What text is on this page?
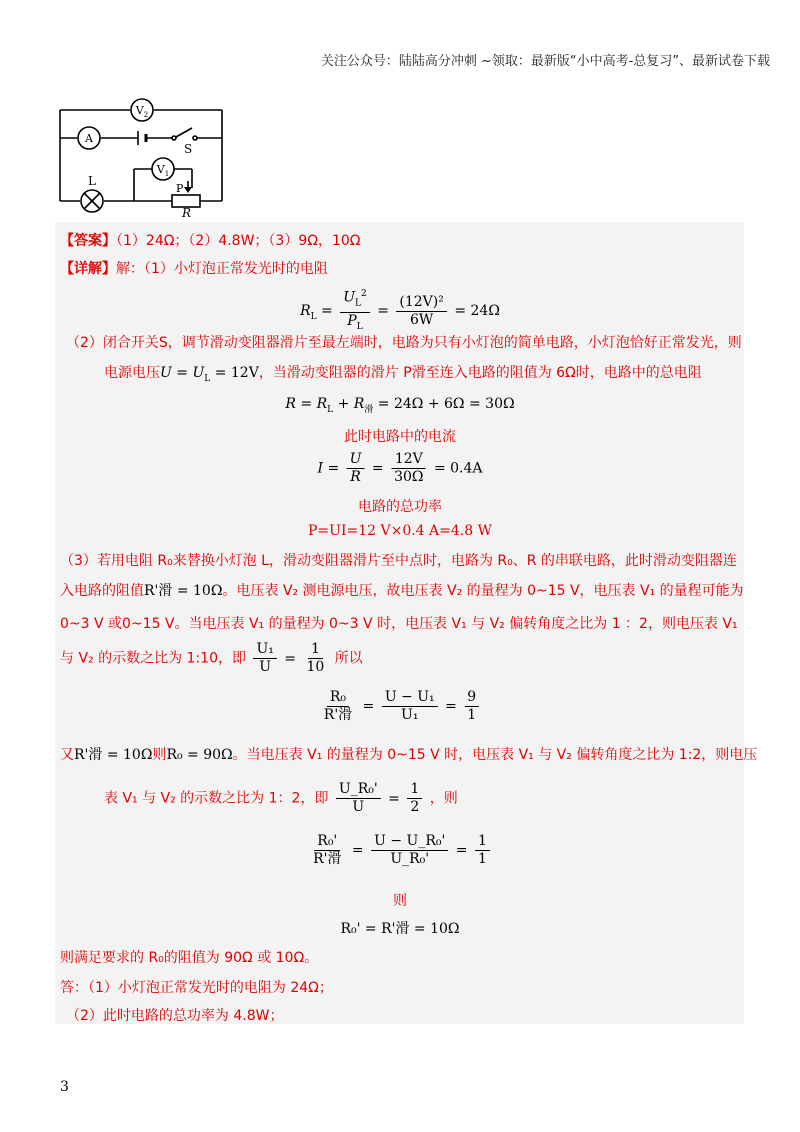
关注公众号：陆陆高分冲刺 ~领取：最新版“小中高考-总复习”、最新试卷下载
$V_2$
A
S
$V_1$
L
P
R
【答案】（1）24Ω；（2）4.8W；（3）9Ω，10Ω
【详解】解：（1）小灯泡正常发光时的电阻
$R_L = \frac{U_L^2}{P_L} = \frac{\text{(12V)²}}{6W} = 24\Omega$
（2）闭合开关S，调节滑动变阻器滑片至最左端时，电路为只有小灯泡的简单电路，小灯泡恰好正常发光，则
电源电压$U = U_L = 12V$，当滑动变阻器的滑片 P滑至连入电路的阻值为 6Ω时，电路中的总电阻
$R = R_L + R_滑 = 24\Omega + 6\Omega = 30\Omega$
此时电路中的电流
$I = \frac{U}{R} = \frac{12V}{30\Omega} = 0.4A$
电路的总功率
P=UI=12 V×0.4 A=4.8 W
（3）若用电阻 R₀来替换小灯泡 L，滑动变阻器滑片至中点时，电路为 R₀、R 的串联电路，此时滑动变阻器连
入电路的阻值R'滑 = 10Ω。电压表 V₂ 测电源电压，故电压表 V₂ 的量程为 0~15 V，电压表 V₁ 的量程可能为
0~3 V 或0~15 V。当电压表 V₁ 的量程为 0~3 V 时，电压表 V₁ 与 V₂ 偏转角度之比为 1 ：2，则电压表 V₁
与 V₂ 的示数之比为 1:10，即 $\frac{\text{U₁}}{U} = \frac{1}{10}$ 所以
$\frac{\text{R₀}}{\text{R'滑}} = \frac{\text{U − U₁}}{\text{U₁}} = \frac{9}{1}$
又R'滑 = 10Ω则R₀ = 90Ω。当电压表 V₁ 的量程为 0~15 V 时，电压表 V₁ 与 V₂ 偏转角度之比为 1:2，则电压
表 V₁ 与 V₂ 的示数之比为 1：2，即 $\frac{\text{U\_R₀'}}{U} = \frac{1}{2}$ ，则
$\frac{\text{R₀'}}{\text{R'滑}} = \frac{\text{U − U\_R₀'}}{\text{U\_R₀'}} = \frac{1}{1}$
则
R₀' = R'滑 = 10Ω
则满足要求的 R₀的阻值为 90Ω 或 10Ω。
答：（1）小灯泡正常发光时的电阻为 24Ω；
（2）此时电路的总功率为 4.8W；
3
